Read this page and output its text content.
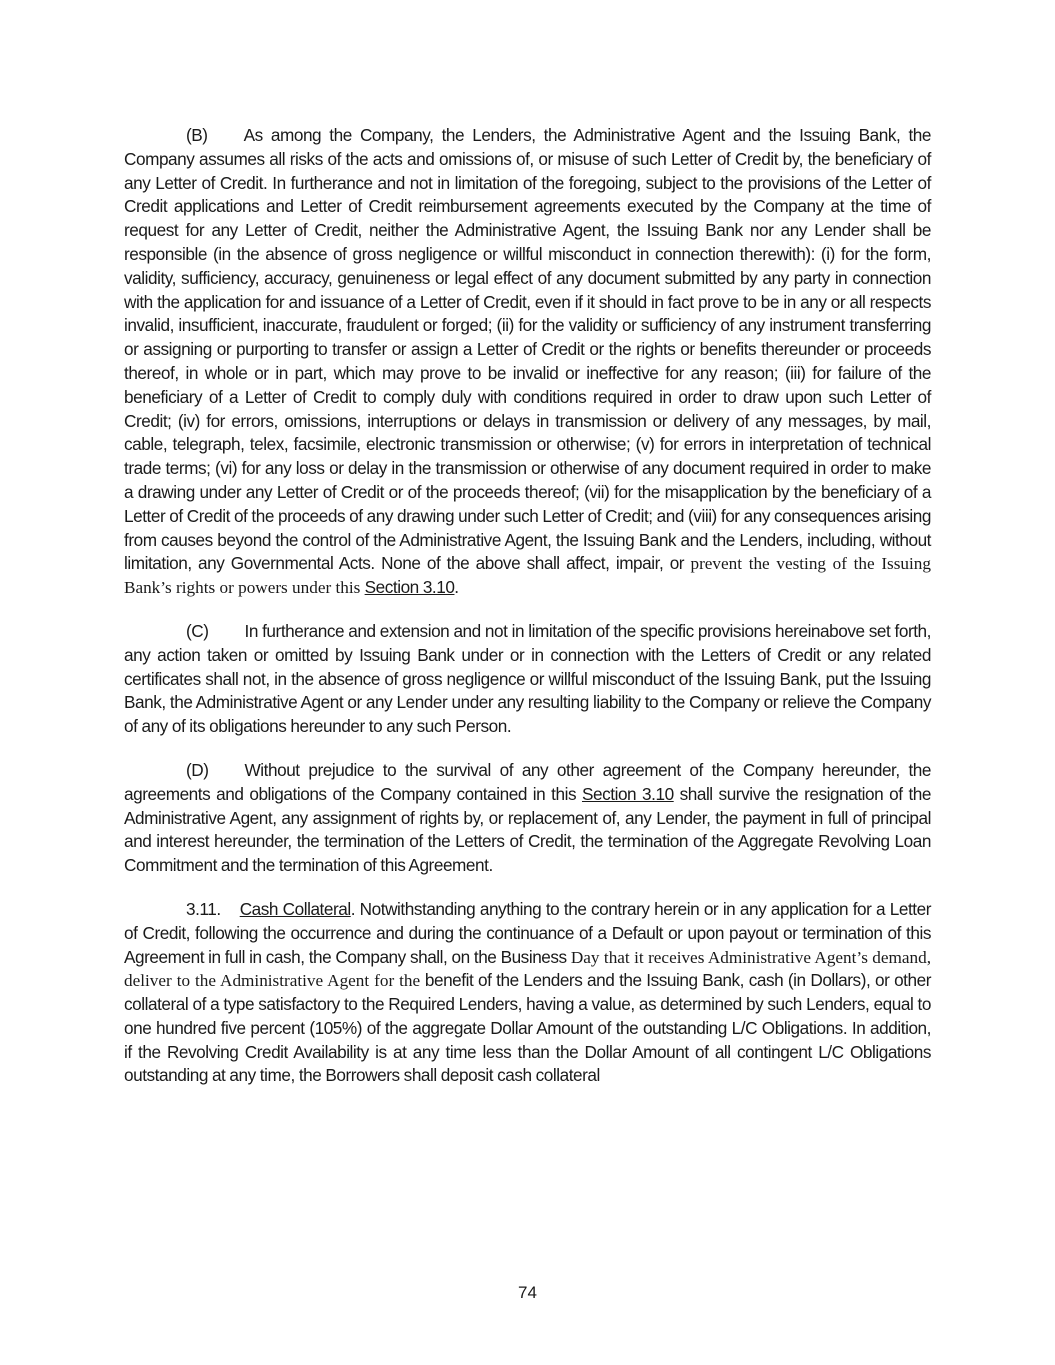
(B) As among the Company, the Lenders, the Administrative Agent and the Issuing Bank, the Company assumes all risks of the acts and omissions of, or misuse of such Letter of Credit by, the beneficiary of any Letter of Credit. In furtherance and not in limitation of the foregoing, subject to the provisions of the Letter of Credit applications and Letter of Credit reimbursement agreements executed by the Company at the time of request for any Letter of Credit, neither the Administrative Agent, the Issuing Bank nor any Lender shall be responsible (in the absence of gross negligence or willful misconduct in connection therewith): (i) for the form, validity, sufficiency, accuracy, genuineness or legal effect of any document submitted by any party in connection with the application for and issuance of a Letter of Credit, even if it should in fact prove to be in any or all respects invalid, insufficient, inaccurate, fraudulent or forged; (ii) for the validity or sufficiency of any instrument transferring or assigning or purporting to transfer or assign a Letter of Credit or the rights or benefits thereunder or proceeds thereof, in whole or in part, which may prove to be invalid or ineffective for any reason; (iii) for failure of the beneficiary of a Letter of Credit to comply duly with conditions required in order to draw upon such Letter of Credit; (iv) for errors, omissions, interruptions or delays in transmission or delivery of any messages, by mail, cable, telegraph, telex, facsimile, electronic transmission or otherwise; (v) for errors in interpretation of technical trade terms; (vi) for any loss or delay in the transmission or otherwise of any document required in order to make a drawing under any Letter of Credit or of the proceeds thereof; (vii) for the misapplication by the beneficiary of a Letter of Credit of the proceeds of any drawing under such Letter of Credit; and (viii) for any consequences arising from causes beyond the control of the Administrative Agent, the Issuing Bank and the Lenders, including, without limitation, any Governmental Acts. None of the above shall affect, impair, or prevent the vesting of the Issuing Bank’s rights or powers under this Section 3.10.

(C) In furtherance and extension and not in limitation of the specific provisions hereinabove set forth, any action taken or omitted by Issuing Bank under or in connection with the Letters of Credit or any related certificates shall not, in the absence of gross negligence or willful misconduct of the Issuing Bank, put the Issuing Bank, the Administrative Agent or any Lender under any resulting liability to the Company or relieve the Company of any of its obligations hereunder to any such Person.

(D) Without prejudice to the survival of any other agreement of the Company hereunder, the agreements and obligations of the Company contained in this Section 3.10 shall survive the resignation of the Administrative Agent, any assignment of rights by, or replacement of, any Lender, the payment in full of principal and interest hereunder, the termination of the Letters of Credit, the termination of the Aggregate Revolving Loan Commitment and the termination of this Agreement.

3.11. Cash Collateral. Notwithstanding anything to the contrary herein or in any application for a Letter of Credit, following the occurrence and during the continuance of a Default or upon payout or termination of this Agreement in full in cash, the Company shall, on the Business Day that it receives Administrative Agent’s demand, deliver to the Administrative Agent for the benefit of the Lenders and the Issuing Bank, cash (in Dollars), or other collateral of a type satisfactory to the Required Lenders, having a value, as determined by such Lenders, equal to one hundred five percent (105%) of the aggregate Dollar Amount of the outstanding L/C Obligations. In addition, if the Revolving Credit Availability is at any time less than the Dollar Amount of all contingent L/C Obligations outstanding at any time, the Borrowers shall deposit cash collateral

74
